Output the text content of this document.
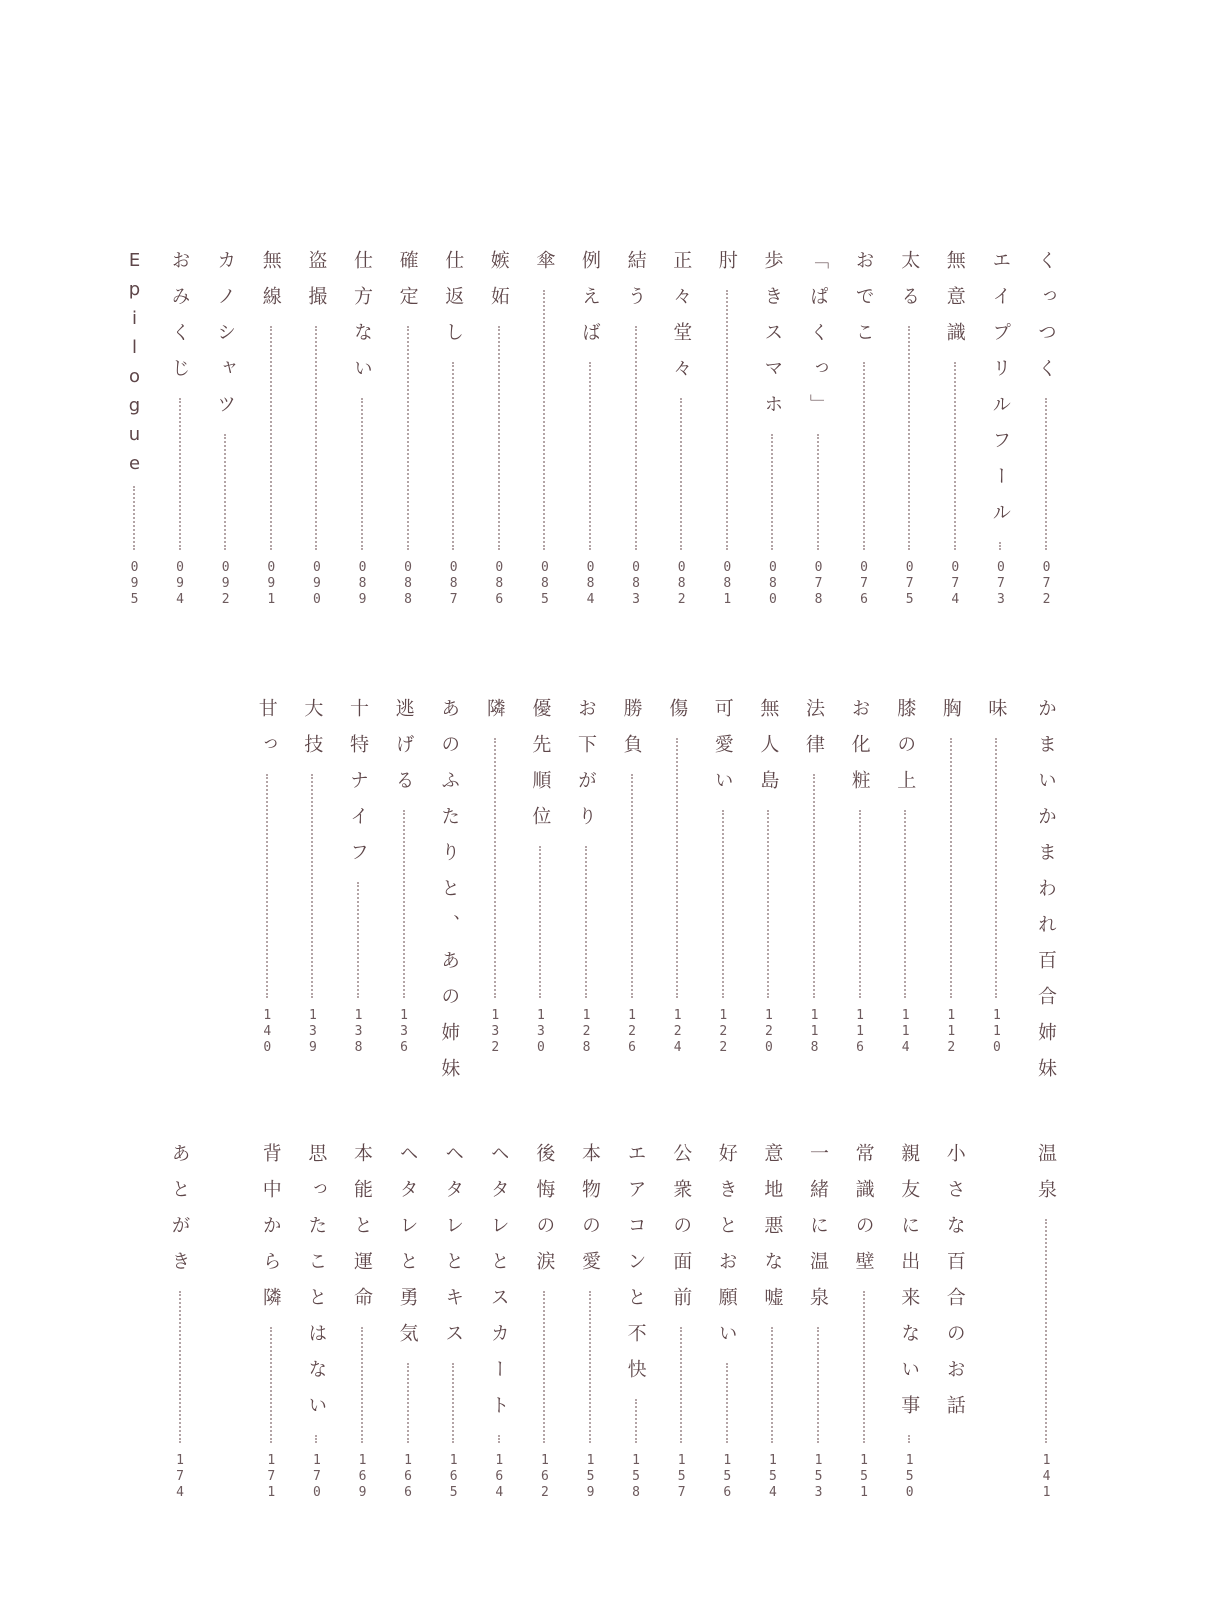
くっつく
072
エイプリルフール
073
無意識
074
太る
075
おでこ
076
「ぱくっ」
078
歩きスマホ
080
肘
081
正々堂々
082
結う
083
例えば
084
傘
085
嫉妬
086
仕返し
087
確定
088
仕方ない
089
盗撮
090
無線
091
カノシャツ
092
おみくじ
094
Epilogue
095
かまいかまわれ百合姉妹
味
110
胸
112
膝の上
114
お化粧
116
法律
118
無人島
120
可愛い
122
傷
124
勝負
126
お下がり
128
優先順位
130
隣
132
あのふたりと、あの姉妹
逃げる
136
十特ナイフ
138
大技
139
甘っ
140
温泉
141
小さな百合のお話
親友に出来ない事
150
常識の壁
151
一緒に温泉
153
意地悪な嘘
154
好きとお願い
156
公衆の面前
157
エアコンと不快
158
本物の愛
159
後悔の涙
162
ヘタレとスカート
164
ヘタレとキス
165
ヘタレと勇気
166
本能と運命
169
思ったことはない
170
背中から隣
171
あとがき
174
